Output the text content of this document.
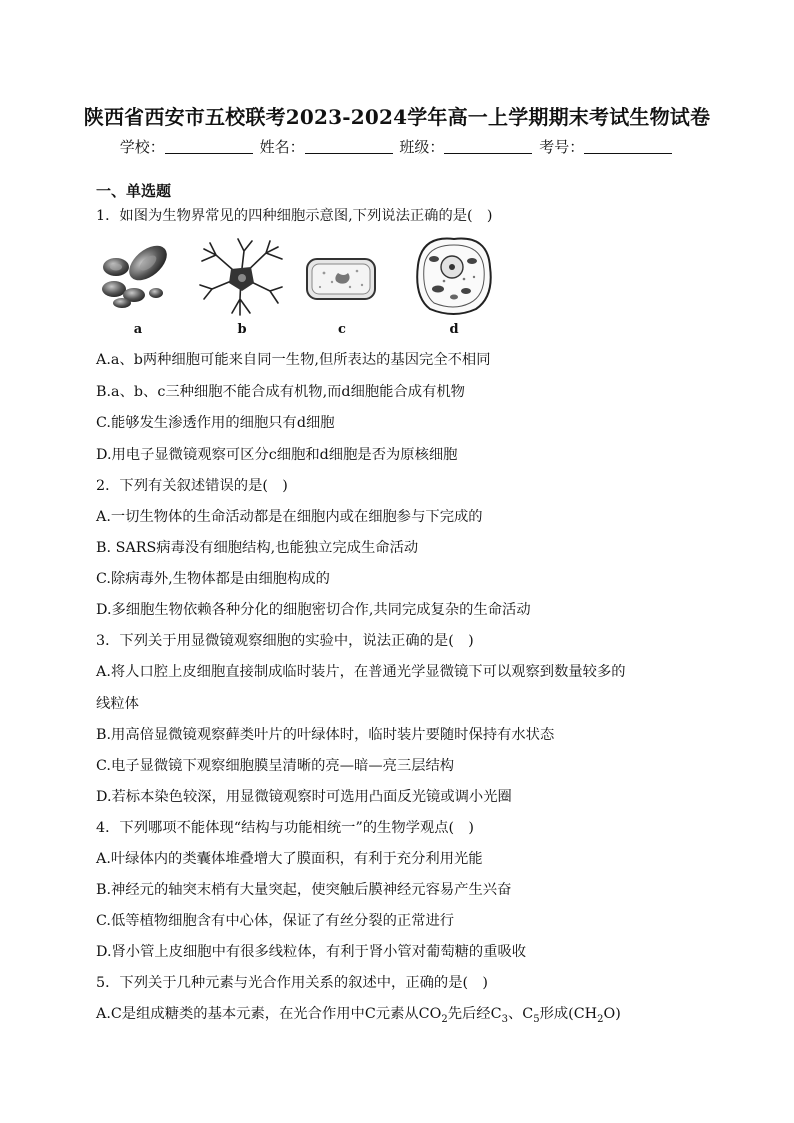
陕西省西安市五校联考2023-2024学年高一上学期期末考试生物试卷
学校：	姓名：	班级：	考号：
一、单选题
1．如图为生物界常见的四种细胞示意图,下列说法正确的是(　)
a	b	c	d
A.a、b两种细胞可能来自同一生物,但所表达的基因完全不相同
B.a、b、c三种细胞不能合成有机物,而d细胞能合成有机物
C.能够发生渗透作用的细胞只有d细胞
D.用电子显微镜观察可区分c细胞和d细胞是否为原核细胞
2．下列有关叙述错误的是(　)
A.一切生物体的生命活动都是在细胞内或在细胞参与下完成的
B. SARS病毒没有细胞结构,也能独立完成生命活动
C.除病毒外,生物体都是由细胞构成的
D.多细胞生物依赖各种分化的细胞密切合作,共同完成复杂的生命活动
3．下列关于用显微镜观察细胞的实验中，说法正确的是(　)
A.将人口腔上皮细胞直接制成临时装片，在普通光学显微镜下可以观察到数量较多的
线粒体
B.用高倍显微镜观察藓类叶片的叶绿体时，临时装片要随时保持有水状态
C.电子显微镜下观察细胞膜呈清晰的亮—暗—亮三层结构
D.若标本染色较深，用显微镜观察时可选用凸面反光镜或调小光圈
4．下列哪项不能体现“结构与功能相统一”的生物学观点(　)
A.叶绿体内的类囊体堆叠增大了膜面积，有利于充分利用光能
B.神经元的轴突末梢有大量突起，使突触后膜神经元容易产生兴奋
C.低等植物细胞含有中心体，保证了有丝分裂的正常进行
D.肾小管上皮细胞中有很多线粒体，有利于肾小管对葡萄糖的重吸收
5．下列关于几种元素与光合作用关系的叙述中，正确的是(　)
A.C是组成糖类的基本元素，在光合作用中C元素从$CO_2$先后经$C_3$、$C_5$形成$(CH_2O)$
